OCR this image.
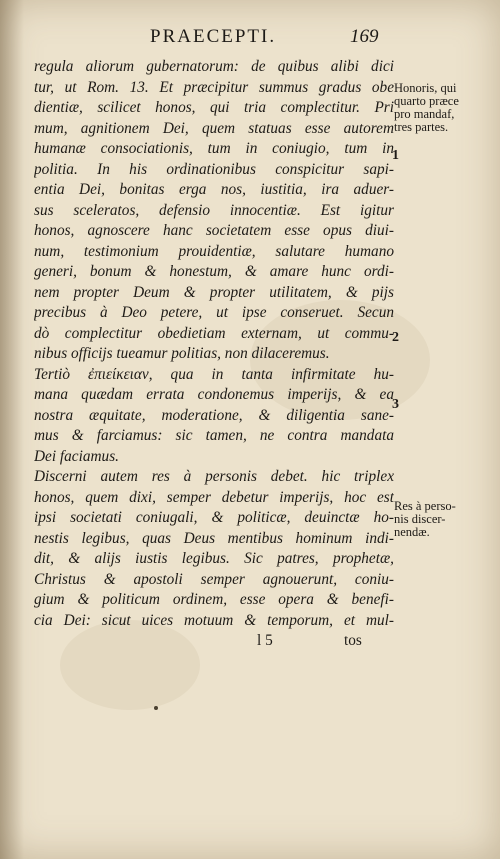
PRAECEPTI.	169
regula aliorum gubernatorum: de quibus alibi dici
tur, ut Rom. 13. Et præcipitur summus gradus obe
dientiæ, scilicet honos, qui tria complectitur. Pri
mum, agnitionem Dei, quem statuas esse autorem
humanæ consociationis, tum in coniugio, tum in
politia. In his ordinationibus conspicitur sapi-
entia Dei, bonitas erga nos, iustitia, ira aduer-
sus sceleratos, defensio innocentiæ. Est igitur
honos, agnoscere hanc societatem esse opus diui-
num, testimonium prouidentiæ, salutare humano
generi, bonum & honestum, & amare hunc ordi-
nem propter Deum & propter utilitatem, & pijs
precibus à Deo petere, ut ipse conseruet. Secun
dò complectitur obedietiam externam, ut commu-
nibus officijs tueamur politias, non dilaceremus.
Tertiò ἐπιείκειαν, qua in tanta infirmitate hu-
mana quædam errata condonemus imperijs, & ea
nostra æquitate, moderatione, & diligentia sane-
mus & farciamus: sic tamen, ne contra mandata
Dei faciamus.
Discerni autem res à personis debet. hic triplex
honos, quem dixi, semper debetur imperijs, hoc est
ipsi societati coniugali, & politicæ, deuinctæ ho-
nestis legibus, quas Deus mentibus hominum indi-
dit, & alijs iustis legibus. Sic patres, prophetæ,
Christus & apostoli semper agnouerunt, coniu-
gium & politicum ordinem, esse opera & benefi-
cia Dei: sicut uices motuum & temporum, et mul-
l 5	tos
Honoris, qui
quarto præce
pro mandaf,
tres partes.
Res à perso-
nis discer-
nendæ.
1
2
3
